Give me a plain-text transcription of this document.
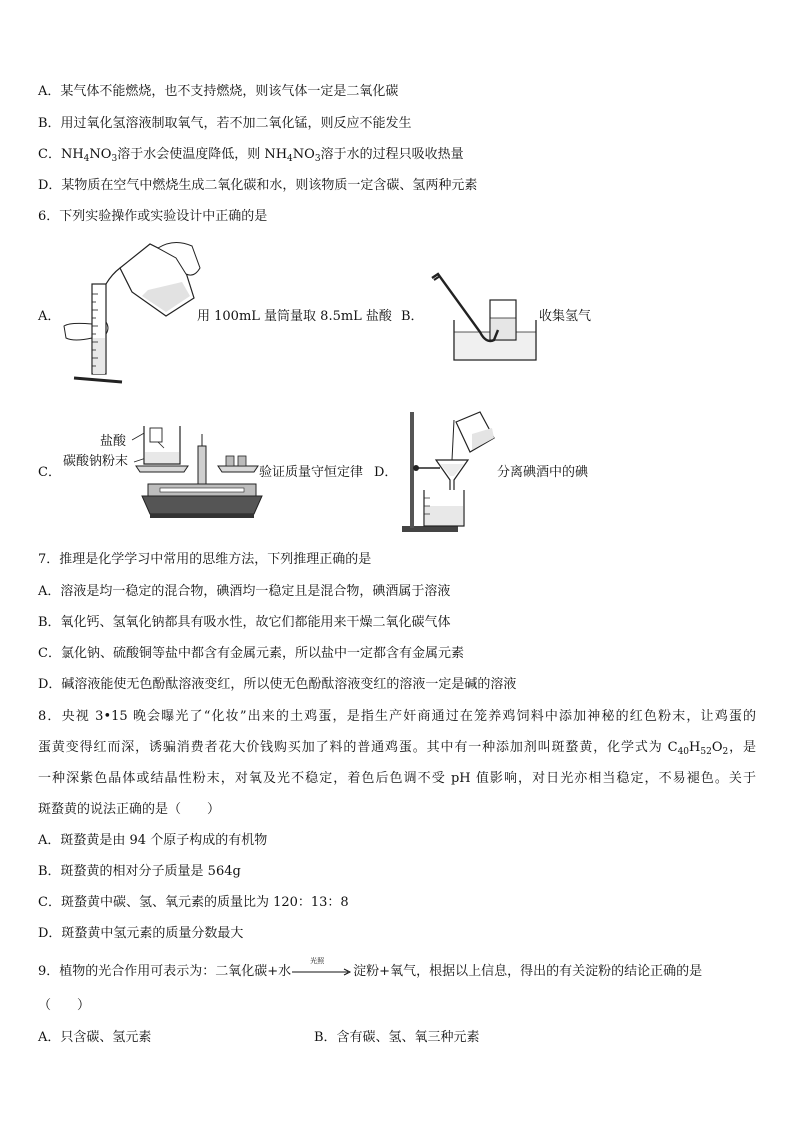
A．某气体不能燃烧，也不支持燃烧，则该气体一定是二氧化碳
B．用过氧化氢溶液制取氧气，若不加二氧化锰，则反应不能发生
C．$NH_4NO_3$溶于水会使温度降低，则 $NH_4NO_3$溶于水的过程只吸收热量
D．某物质在空气中燃烧生成二氧化碳和水，则该物质一定含碳、氢两种元素
6．下列实验操作或实验设计中正确的是
A．	用 100mL 量筒量取 8.5mL 盐酸 B．	收集氢气
C．
盐酸
碳酸钠粉末
验证质量守恒定律 D．	分离碘酒中的碘
7．推理是化学学习中常用的思维方法，下列推理正确的是
A．溶液是均一稳定的混合物，碘酒均一稳定且是混合物，碘酒属于溶液
B．氧化钙、氢氧化钠都具有吸水性，故它们都能用来干燥二氧化碳气体
C．氯化钠、硫酸铜等盐中都含有金属元素，所以盐中一定都含有金属元素
D．碱溶液能使无色酚酞溶液变红，所以使无色酚酞溶液变红的溶液一定是碱的溶液
8．央视 3•15 晚会曝光了“化妆”出来的土鸡蛋，是指生产奸商通过在笼养鸡饲料中添加神秘的红色粉末，让鸡蛋的
蛋黄变得红而深，诱骗消费者花大价钱购买加了料的普通鸡蛋。其中有一种添加剂叫斑蝥黄，化学式为 $C_{40}H_{52}O_2$，是
一种深紫色晶体或结晶性粉末，对氧及光不稳定，着色后色调不受 pH 值影响，对日光亦相当稳定，不易褪色。关于
斑蝥黄的说法正确的是（　　）
A．斑蝥黄是由 94 个原子构成的有机物
B．斑蝥黄的相对分子质量是 564g
C．斑蝥黄中碳、氢、氧元素的质量比为 120：13：8
D．斑蝥黄中氢元素的质量分数最大
9．植物的光合作用可表示为：二氧化碳+水
光照
淀粉+氧气，根据以上信息，得出的有关淀粉的结论正确的是
（　　）
A．只含碳、氢元素	B．含有碳、氢、氧三种元素
